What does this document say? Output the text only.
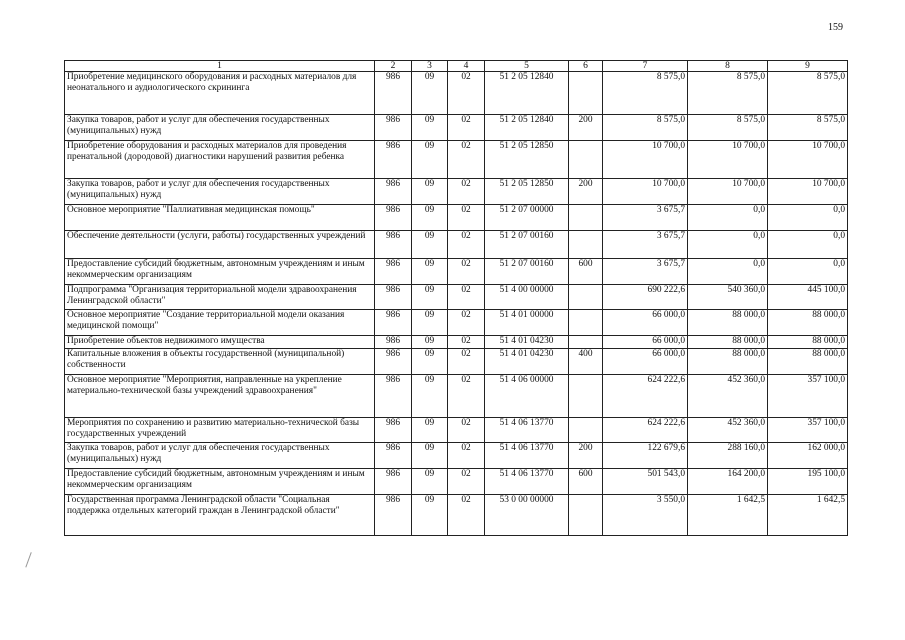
159
1	2	3	4	5	6	7	8	9
Приобретение медицинского оборудования и расходных материалов для неонатального и аудиологического скрининга	986	09	02	51 2 05 12840		8 575,0	8 575,0	8 575,0
Закупка товаров, работ и услуг для обеспечения государственных (муниципальных) нужд	986	09	02	51 2 05 12840	200	8 575,0	8 575,0	8 575,0
Приобретение оборудования и расходных материалов для проведения пренатальной (дородовой) диагностики нарушений развития ребенка	986	09	02	51 2 05 12850		10 700,0	10 700,0	10 700,0
Закупка товаров, работ и услуг для обеспечения государственных (муниципальных) нужд	986	09	02	51 2 05 12850	200	10 700,0	10 700,0	10 700,0
Основное мероприятие "Паллиативная медицинская помощь"	986	09	02	51 2 07 00000		3 675,7	0,0	0,0
Обеспечение деятельности (услуги, работы) государственных учреждений	986	09	02	51 2 07 00160		3 675,7	0,0	0,0
Предоставление субсидий бюджетным, автономным учреждениям и иным некоммерческим организациям	986	09	02	51 2 07 00160	600	3 675,7	0,0	0,0
Подпрограмма "Организация территориальной модели здравоохранения Ленинградской области"	986	09	02	51 4 00 00000		690 222,6	540 360,0	445 100,0
Основное мероприятие "Создание территориальной модели оказания медицинской помощи"	986	09	02	51 4 01 00000		66 000,0	88 000,0	88 000,0
Приобретение объектов недвижимого имущества	986	09	02	51 4 01 04230		66 000,0	88 000,0	88 000,0
Капитальные вложения в объекты государственной (муниципальной) собственности	986	09	02	51 4 01 04230	400	66 000,0	88 000,0	88 000,0
Основное мероприятие "Мероприятия, направленные на укрепление материально-технической базы учреждений здравоохранения"	986	09	02	51 4 06 00000		624 222,6	452 360,0	357 100,0
Мероприятия по сохранению и развитию материально-технической базы государственных учреждений	986	09	02	51 4 06 13770		624 222,6	452 360,0	357 100,0
Закупка товаров, работ и услуг для обеспечения государственных (муниципальных) нужд	986	09	02	51 4 06 13770	200	122 679,6	288 160,0	162 000,0
Предоставление субсидий бюджетным, автономным учреждениям и иным некоммерческим организациям	986	09	02	51 4 06 13770	600	501 543,0	164 200,0	195 100,0
Государственная программа Ленинградской области "Социальная поддержка отдельных категорий граждан в Ленинградской области"	986	09	02	53 0 00 00000		3 550,0	1 642,5	1 642,5
